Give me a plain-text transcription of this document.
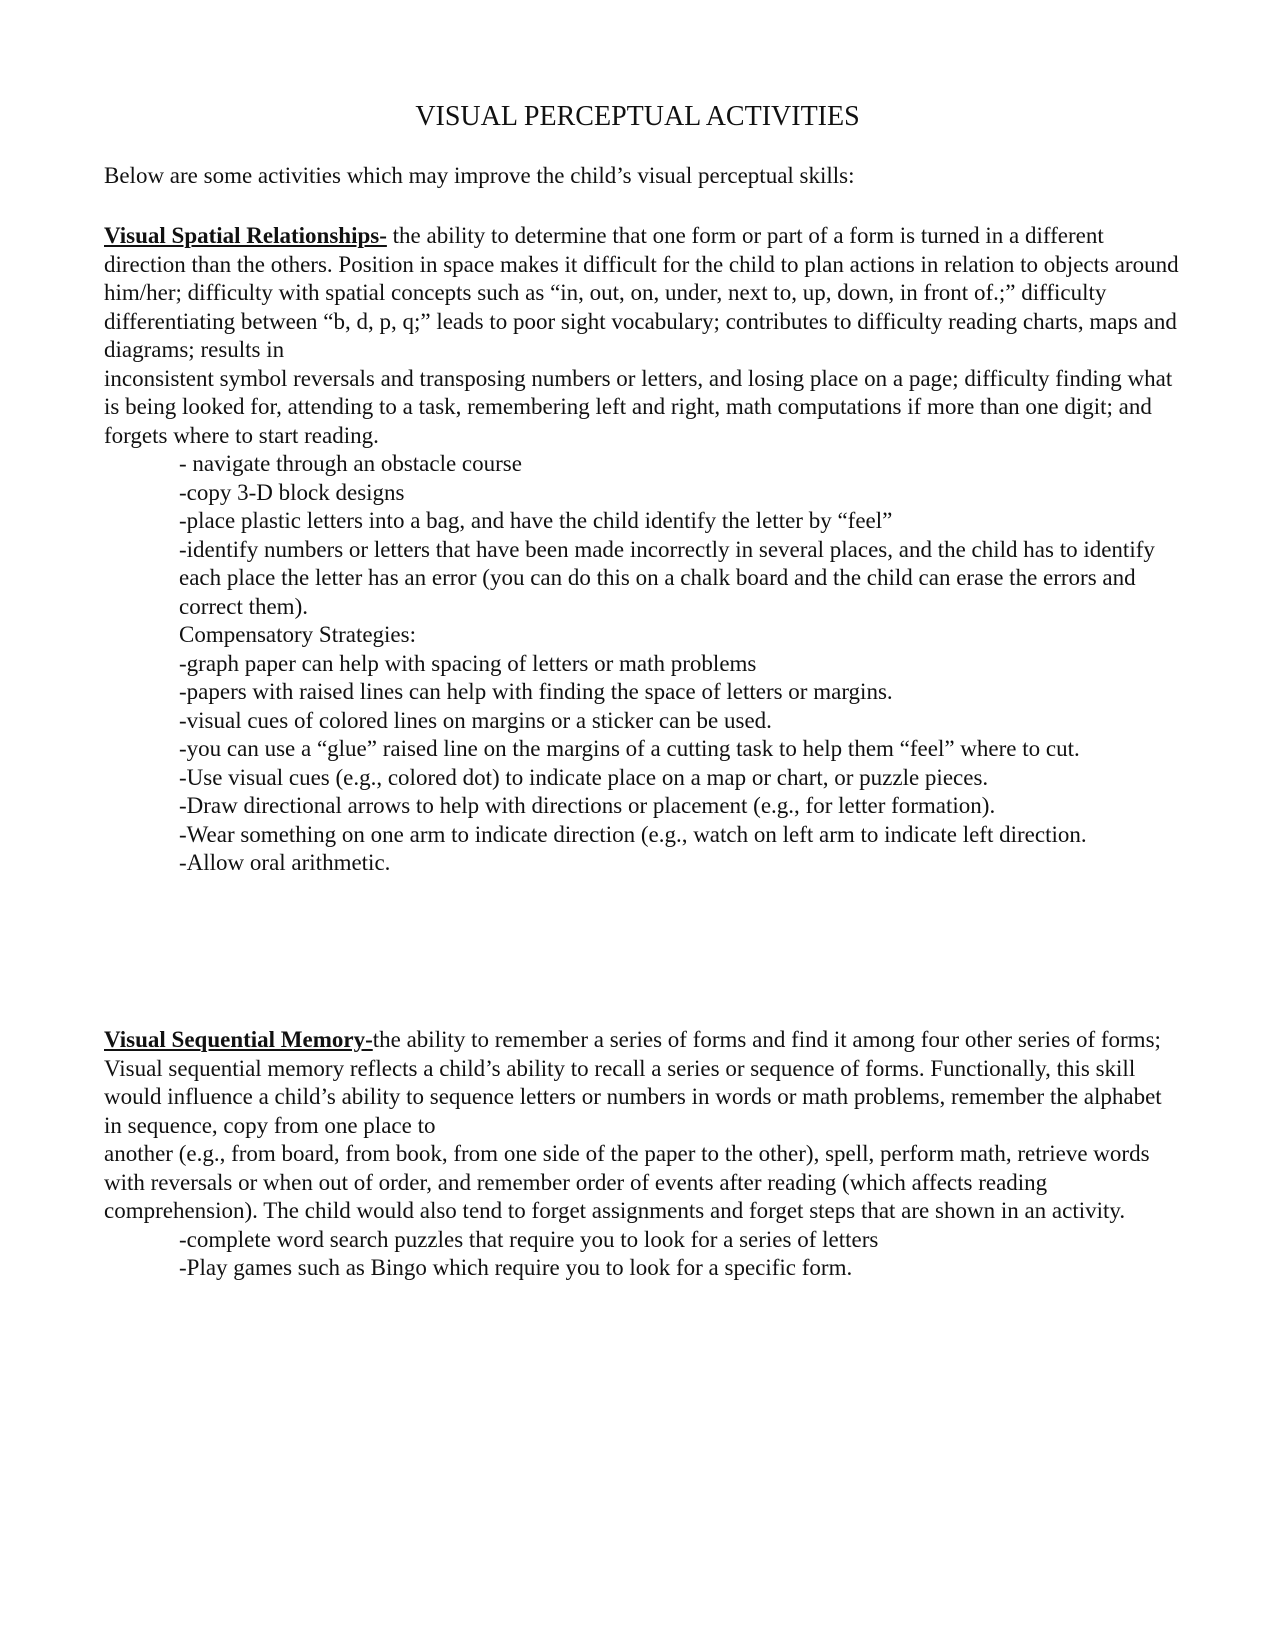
VISUAL PERCEPTUAL ACTIVITIES
Below are some activities which may improve the child’s visual perceptual skills:

Visual Spatial Relationships- the ability to determine that one form or part of a form is turned in a different direction than the others. Position in space makes it difficult for the child to plan actions in relation to objects around him/her; difficulty with spatial concepts such as “in, out, on, under, next to, up, down, in front of.;” difficulty differentiating between “b, d, p, q;” leads to poor sight vocabulary; contributes to difficulty reading charts, maps and diagrams; results in

inconsistent symbol reversals and transposing numbers or letters, and losing place on a page; difficulty finding what is being looked for, attending to a task, remembering left and right, math computations if more than one digit; and forgets where to start reading.

- navigate through an obstacle course
-copy 3-D block designs
-place plastic letters into a bag, and have the child identify the letter by “feel”
-identify numbers or letters that have been made incorrectly in several places, and the child has to identify each place the letter has an error (you can do this on a chalk board and the child can erase the errors and correct them).
Compensatory Strategies:
-graph paper can help with spacing of letters or math problems
-papers with raised lines can help with finding the space of letters or margins.
-visual cues of colored lines on margins or a sticker can be used.
-you can use a “glue” raised line on the margins of a cutting task to help them “feel” where to cut.
-Use visual cues (e.g., colored dot) to indicate place on a map or chart, or puzzle pieces.
-Draw directional arrows to help with directions or placement (e.g., for letter formation).
-Wear something on one arm to indicate direction (e.g., watch on left arm to indicate left direction.
-Allow oral arithmetic.

Visual Sequential Memory-the ability to remember a series of forms and find it among four other series of forms; Visual sequential memory reflects a child’s ability to recall a series or sequence of forms. Functionally, this skill would influence a child’s ability to sequence letters or numbers in words or math problems, remember the alphabet in sequence, copy from one place to

another (e.g., from board, from book, from one side of the paper to the other), spell, perform math, retrieve words with reversals or when out of order, and remember order of events after reading (which affects reading comprehension). The child would also tend to forget assignments and forget steps that are shown in an activity.

-complete word search puzzles that require you to look for a series of letters
-Play games such as Bingo which require you to look for a specific form.
